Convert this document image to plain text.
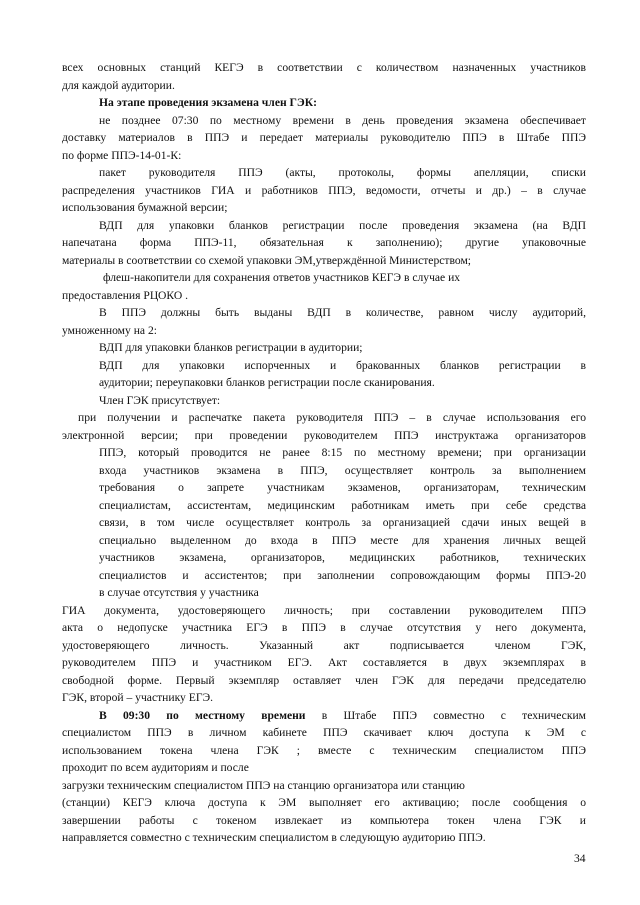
всех основных станций КЕГЭ в соответствии с количеством назначенных участников
для каждой аудитории.
На этапе проведения экзамена член ГЭК:
не позднее 07:30 по местному времени в день проведения экзамена обеспечивает
доставку материалов в ППЭ и передает материалы руководителю ППЭ в Штабе ППЭ
по форме ППЭ-14-01-К:
пакет руководителя ППЭ (акты, протоколы, формы апелляции, списки
распределения участников ГИА и работников ППЭ, ведомости, отчеты и др.) – в случае
использования бумажной версии;
ВДП для упаковки бланков регистрации после проведения экзамена (на ВДП
напечатана форма ППЭ-11, обязательная к заполнению); другие упаковочные
материалы в соответствии со схемой упаковки ЭМ,утверждённой Министерством;
флеш-накопители для сохранения ответов участников КЕГЭ в случае их
предоставления РЦОКО .
В ППЭ должны быть выданы ВДП в количестве, равном числу аудиторий,
умноженному на 2:
ВДП для упаковки бланков регистрации в аудитории;
ВДП для упаковки испорченных и бракованных бланков регистрации в
аудитории; переупаковки бланков регистрации после сканирования.
Член ГЭК присутствует:
при получении и распечатке пакета руководителя ППЭ – в случае использования его
электронной версии; при проведении руководителем ППЭ инструктажа организаторов
ППЭ, который проводится не ранее 8:15 по местному времени; при организации
входа участников экзамена в ППЭ, осуществляет контроль за выполнением
требования о запрете участникам экзаменов, организаторам, техническим
специалистам, ассистентам, медицинским работникам иметь при себе средства
связи, в том числе осуществляет контроль за организацией сдачи иных вещей в
специально выделенном до входа в ППЭ месте для хранения личных вещей
участников экзамена, организаторов, медицинских работников, технических
специалистов и ассистентов; при заполнении сопровождающим формы ППЭ-20
в случае отсутствия у участника
ГИА документа, удостоверяющего личность; при составлении руководителем ППЭ
акта о недопуске участника ЕГЭ в ППЭ в случае отсутствия у него документа,
удостоверяющего личность. Указанный акт подписывается членом ГЭК,
руководителем ППЭ и участником ЕГЭ. Акт составляется в двух экземплярах в
свободной форме. Первый экземпляр оставляет член ГЭК для передачи председателю
ГЭК, второй – участнику ЕГЭ.
В 09:30 по местному времени в Штабе ППЭ совместно с техническим
специалистом ППЭ в личном кабинете ППЭ скачивает ключ доступа к ЭМ с
использованием токена члена ГЭК ; вместе с техническим специалистом ППЭ
проходит по всем аудиториям и после
загрузки техническим специалистом ППЭ на станцию организатора или станцию
(станции) КЕГЭ ключа доступа к ЭМ выполняет его активацию; после сообщения о
завершении работы с токеном извлекает из компьютера токен члена ГЭК и
направляется совместно с техническим специалистом в следующую аудиторию ППЭ.
34
